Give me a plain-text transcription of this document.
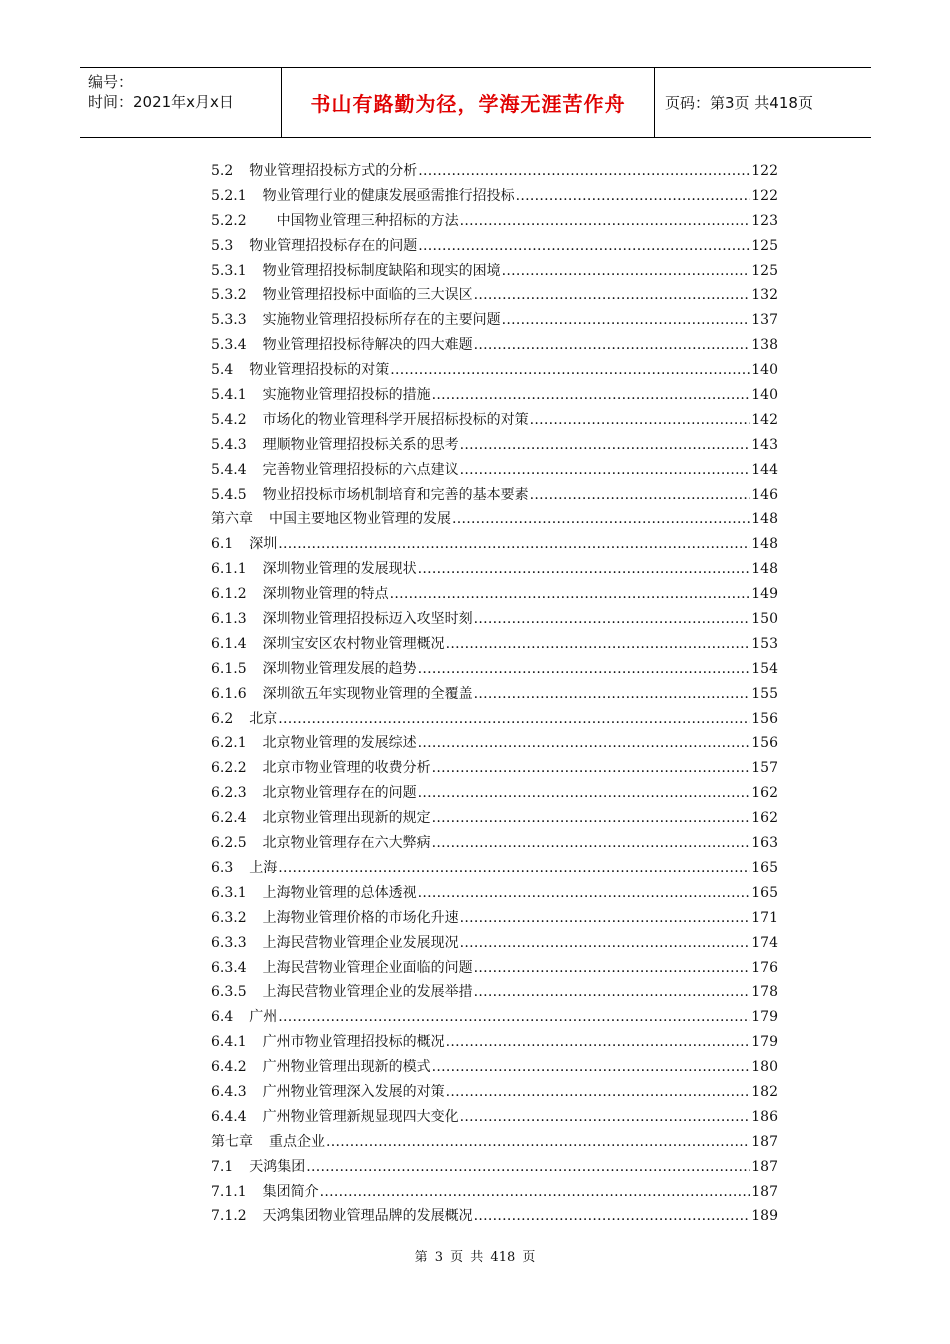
编号：
时间：2021年x月x日	书山有路勤为径，学海无涯苦作舟	页码：第3页 共418页
5.2 物业管理招投标方式的分析 .....	122
5.2.1 物业管理行业的健康发展亟需推行招投标 .....	122
5.2.2 　中国物业管理三种招标的方法 .....	123
5.3 物业管理招投标存在的问题 .....	125
5.3.1 物业管理招投标制度缺陷和现实的困境 .....	125
5.3.2 物业管理招投标中面临的三大误区 .....	132
5.3.3 实施物业管理招投标所存在的主要问题 .....	137
5.3.4 物业管理招投标待解决的四大难题 .....	138
5.4 物业管理招投标的对策 .....	140
5.4.1 实施物业管理招投标的措施 .....	140
5.4.2 市场化的物业管理科学开展招标投标的对策 .....	142
5.4.3 理顺物业管理招投标关系的思考 .....	143
5.4.4 完善物业管理招投标的六点建议 .....	144
5.4.5 物业招投标市场机制培育和完善的基本要素 .....	146
第六章 中国主要地区物业管理的发展 .....	148
6.1 深圳 .....	148
6.1.1 深圳物业管理的发展现状 .....	148
6.1.2 深圳物业管理的特点 .....	149
6.1.3 深圳物业管理招投标迈入攻坚时刻 .....	150
6.1.4 深圳宝安区农村物业管理概况 .....	153
6.1.5 深圳物业管理发展的趋势 .....	154
6.1.6 深圳欲五年实现物业管理的全覆盖 .....	155
6.2 北京 .....	156
6.2.1 北京物业管理的发展综述 .....	156
6.2.2 北京市物业管理的收费分析 .....	157
6.2.3 北京物业管理存在的问题 .....	162
6.2.4 北京物业管理出现新的规定 .....	162
6.2.5 北京物业管理存在六大弊病 .....	163
6.3 上海 .....	165
6.3.1 上海物业管理的总体透视 .....	165
6.3.2 上海物业管理价格的市场化升速 .....	171
6.3.3 上海民营物业管理企业发展现况 .....	174
6.3.4 上海民营物业管理企业面临的问题 .....	176
6.3.5 上海民营物业管理企业的发展举措 .....	178
6.4 广州 .....	179
6.4.1 广州市物业管理招投标的概况 .....	179
6.4.2 广州物业管理出现新的模式 .....	180
6.4.3 广州物业管理深入发展的对策 .....	182
6.4.4 广州物业管理新规显现四大变化 .....	186
第七章 重点企业 .....	187
7.1 天鸿集团 .....	187
7.1.1 集团简介 .....	187
7.1.2 天鸿集团物业管理品牌的发展概况 .....	189
第 3 页 共 418 页
